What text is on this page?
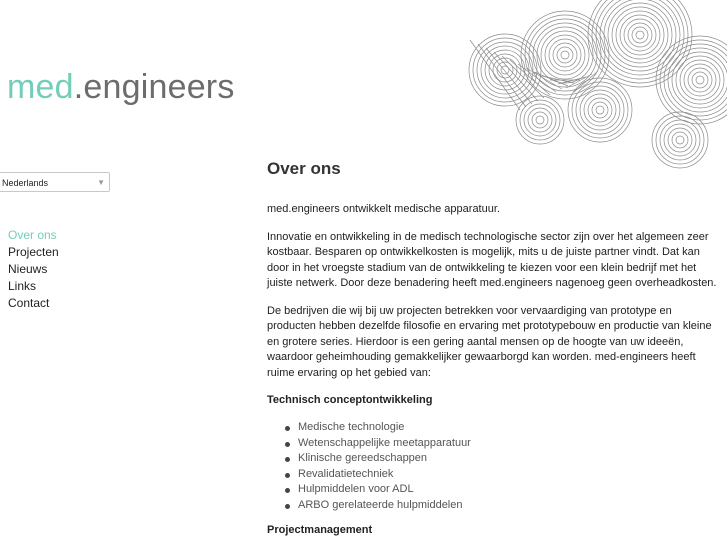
med.engineers
Nederlands	▼
Over ons
Projecten
Nieuws
Links
Contact
Over ons

med.engineers ontwikkelt medische apparatuur.

Innovatie en ontwikkeling in de medisch technologische sector zijn over het algemeen zeer kostbaar. Besparen op ontwikkelkosten is mogelijk, mits u de juiste partner vindt. Dat kan door in het vroegste stadium van de ontwikkeling te kiezen voor een klein bedrijf met het juiste netwerk. Door deze benadering heeft med.engineers nagenoeg geen overheadkosten.

De bedrijven die wij bij uw projecten betrekken voor vervaardiging van prototype en producten hebben dezelfde filosofie en ervaring met prototypebouw en productie van kleine en grotere series. Hierdoor is een gering aantal mensen op de hoogte van uw ideeën, waardoor geheimhouding gemakkelijker gewaarborgd kan worden. med-engineers heeft ruime ervaring op het gebied van:

Technisch conceptontwikkeling
Medische technologie
Wetenschappelijke meetapparatuur
Klinische gereedschappen
Revalidatietechniek
Hulpmiddelen voor ADL
ARBO gerelateerde hulpmiddelen
Projectmanagement
